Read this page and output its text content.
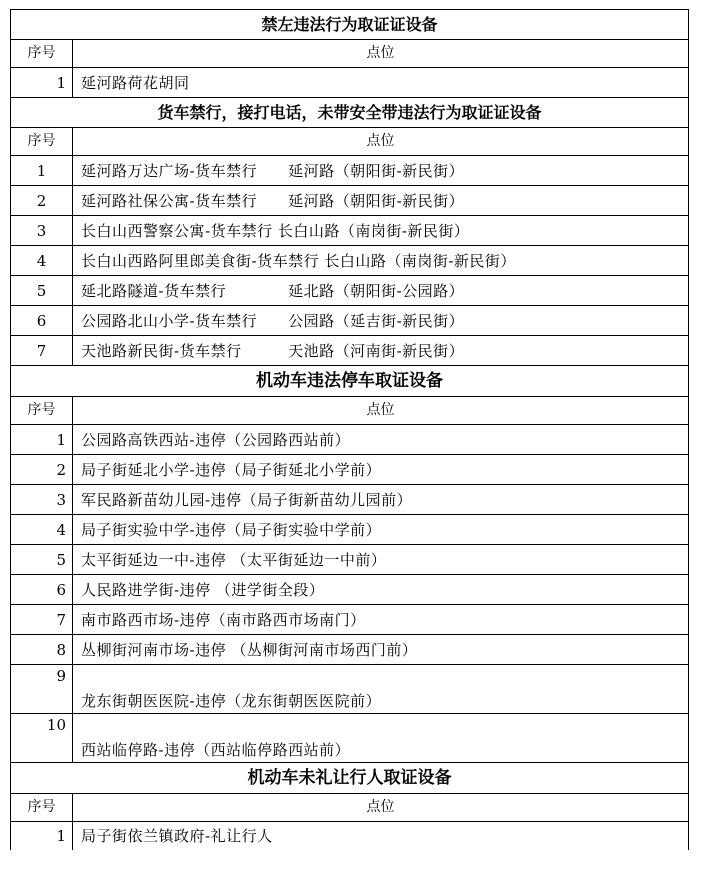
禁左违法行为取证证设备	
序号	点位
1	延河路荷花胡同
货车禁行，接打电话，未带安全带违法行为取证证设备	
序号	点位
1	延河路万达广场-货车禁行　　延河路（朝阳街-新民街）
2	延河路社保公寓-货车禁行　　延河路（朝阳街-新民街）
3	长白山西警察公寓-货车禁行 长白山路（南岗街-新民街）
4	长白山西路阿里郎美食街-货车禁行 长白山路（南岗街-新民街）
5	延北路隧道-货车禁行　　　　延北路（朝阳街-公园路）
6	公园路北山小学-货车禁行　　公园路（延吉街-新民街）
7	天池路新民街-货车禁行　　　天池路（河南街-新民街）
机动车违法停车取证设备	
序号	点位
1	公园路高铁西站-违停（公园路西站前）
2	局子街延北小学-违停（局子街延北小学前）
3	军民路新苗幼儿园-违停（局子街新苗幼儿园前）
4	局子街实验中学-违停（局子街实验中学前）
5	太平街延边一中-违停 （太平街延边一中前）
6	人民路进学街-违停 （进学街全段）
7	南市路西市场-违停（南市路西市场南门）
8	丛柳街河南市场-违停 （丛柳街河南市场西门前）
9	龙东街朝医医院-违停（龙东街朝医医院前）
10	西站临停路-违停（西站临停路西站前）
机动车未礼让行人取证设备	
序号	点位
1	局子街依兰镇政府-礼让行人
